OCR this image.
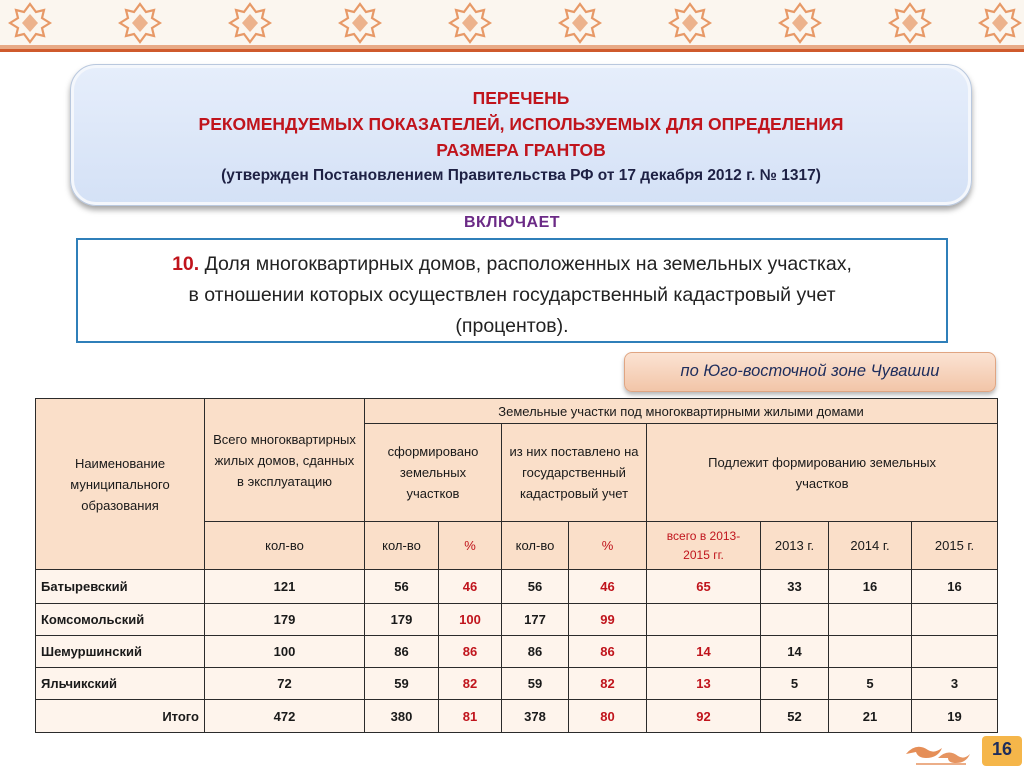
ПЕРЕЧЕНЬ
РЕКОМЕНДУЕМЫХ ПОКАЗАТЕЛЕЙ, ИСПОЛЬЗУЕМЫХ ДЛЯ ОПРЕДЕЛЕНИЯ
РАЗМЕРА ГРАНТОВ
(утвержден Постановлением Правительства РФ от 17 декабря 2012 г. № 1317)
ВКЛЮЧАЕТ
10. Доля многоквартирных домов, расположенных на земельных участках,
в отношении которых осуществлен государственный кадастровый учет
(процентов).
по Юго-восточной зоне Чувашии
Наименование муниципального образования	Всего многоквартирных жилых домов, сданных в эксплуатацию	Земельные участки под многоквартирными жилыми домами							
		сформировано земельных участков		из них поставлено на государственный кадастровый учет		Подлежит формированию земельных участков			
	кол-во	кол-во	%	кол-во	%	всего в 2013-2015 гг.	2013 г.	2014 г.	2015 г.
Батыревский	121	56	46	56	46	65	33	16	16
Комсомольский	179	179	100	177	99				
Шемуршинский	100	86	86	86	86	14	14		
Яльчикский	72	59	82	59	82	13	5	5	3
Итого	472	380	81	378	80	92	52	21	19
16
